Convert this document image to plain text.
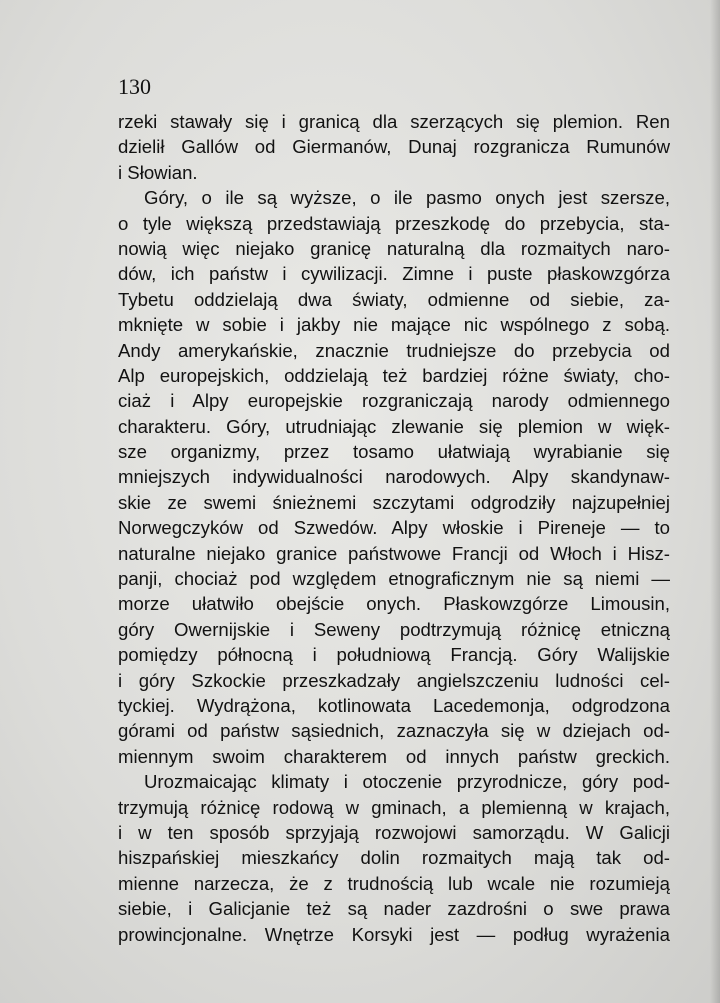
130
rzeki stawały się i granicą dla szerzących się plemion. Ren
dzielił Gallów od Giermanów, Dunaj rozgranicza Rumunów
i Słowian.
Góry, o ile są wyższe, o ile pasmo onych jest szersze,
o tyle większą przedstawiają przeszkodę do przebycia, sta-
nowią więc niejako granicę naturalną dla rozmaitych naro-
dów, ich państw i cywilizacji. Zimne i puste płaskowzgórza
Tybetu oddzielają dwa światy, odmienne od siebie, za-
mknięte w sobie i jakby nie mające nic wspólnego z sobą.
Andy amerykańskie, znacznie trudniejsze do przebycia od
Alp europejskich, oddzielają też bardziej różne światy, cho-
ciaż i Alpy europejskie rozgraniczają narody odmiennego
charakteru. Góry, utrudniając zlewanie się plemion w więk-
sze organizmy, przez tosamo ułatwiają wyrabianie się
mniejszych indywidualności narodowych. Alpy skandynaw-
skie ze swemi śnieżnemi szczytami odgrodziły najzupełniej
Norwegczyków od Szwedów. Alpy włoskie i Pireneje — to
naturalne niejako granice państwowe Francji od Włoch i Hisz-
panji, chociaż pod względem etnograficznym nie są niemi —
morze ułatwiło obejście onych. Płaskowzgórze Limousin,
góry Owernijskie i Seweny podtrzymują różnicę etniczną
pomiędzy północną i południową Francją. Góry Walijskie
i góry Szkockie przeszkadzały angielszczeniu ludności cel-
tyckiej. Wydrążona, kotlinowata Lacedemonja, odgrodzona
górami od państw sąsiednich, zaznaczyła się w dziejach od-
miennym swoim charakterem od innych państw greckich.
Urozmaicając klimaty i otoczenie przyrodnicze, góry pod-
trzymują różnicę rodową w gminach, a plemienną w krajach,
i w ten sposób sprzyjają rozwojowi samorządu. W Galicji
hiszpańskiej mieszkańcy dolin rozmaitych mają tak od-
mienne narzecza, że z trudnością lub wcale nie rozumieją
siebie, i Galicjanie też są nader zazdrośni o swe prawa
prowincjonalne. Wnętrze Korsyki jest — podług wyrażenia
